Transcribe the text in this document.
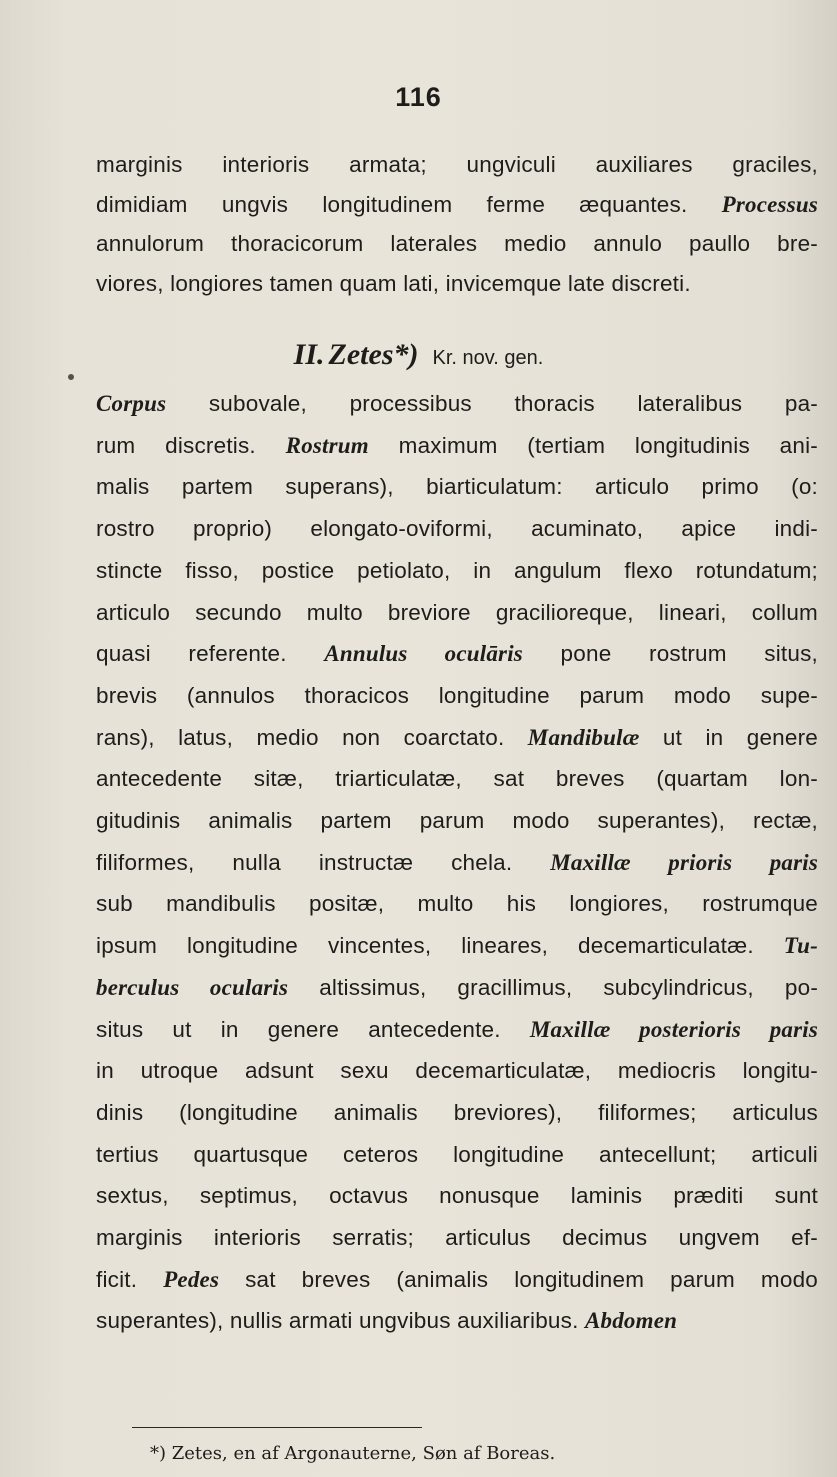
116
marginis interioris armata; ungviculi auxiliares graciles,
dimidiam ungvis longitudinem ferme æquantes. Processus
annulorum thoracicorum laterales medio annulo paullo bre-
viores, longiores tamen quam lati, invicemque late discreti.
II. Zetes*) Kr. nov. gen.
Corpus subovale, processibus thoracis lateralibus pa-
rum discretis. Rostrum maximum (tertiam longitudinis ani-
malis partem superans), biarticulatum: articulo primo (o:
rostro proprio) elongato-oviformi, acuminato, apice indi-
stincte fisso, postice petiolato, in angulum flexo rotundatum;
articulo secundo multo breviore gracilioreque, lineari, collum
quasi referente. Annulus oculāris pone rostrum situs,
brevis (annulos thoracicos longitudine parum modo supe-
rans), latus, medio non coarctato. Mandibulæ ut in genere
antecedente sitæ, triarticulatæ, sat breves (quartam lon-
gitudinis animalis partem parum modo superantes), rectæ,
filiformes, nulla instructæ chela. Maxillæ prioris paris
sub mandibulis positæ, multo his longiores, rostrumque
ipsum longitudine vincentes, lineares, decemarticulatæ. Tu-
berculus ocularis altissimus, gracillimus, subcylindricus, po-
situs ut in genere antecedente. Maxillæ posterioris paris
in utroque adsunt sexu decemarticulatæ, mediocris longitu-
dinis (longitudine animalis breviores), filiformes; articulus
tertius quartusque ceteros longitudine antecellunt; articuli
sextus, septimus, octavus nonusque laminis præditi sunt
marginis interioris serratis; articulus decimus ungvem ef-
ficit. Pedes sat breves (animalis longitudinem parum modo
superantes), nullis armati ungvibus auxiliaribus. Abdomen
*) Zetes, en af Argonauterne, Søn af Boreas.
